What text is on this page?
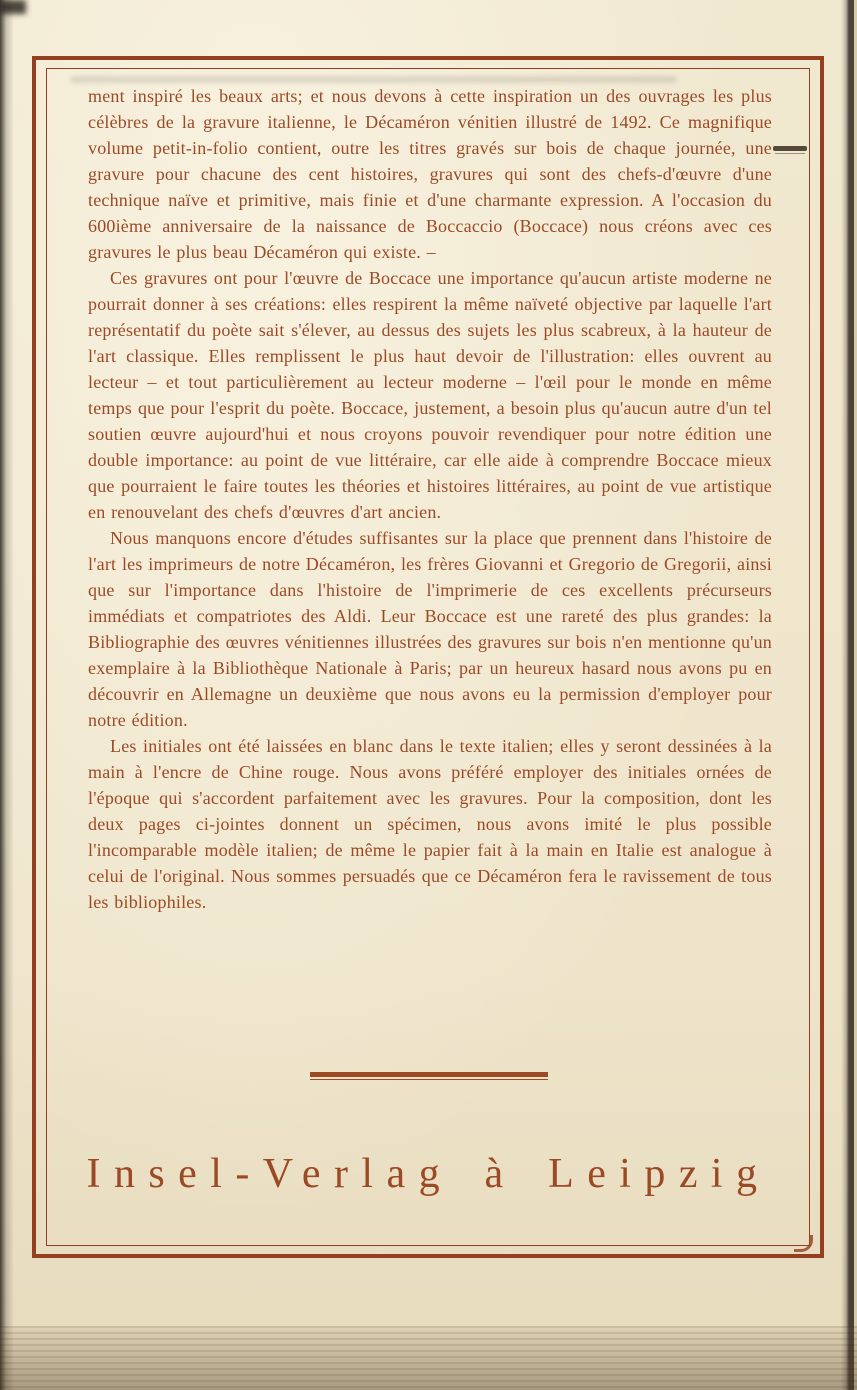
ment inspiré les beaux arts; et nous devons à cette inspiration un des ouvrages les plus célèbres de la gravure italienne, le Décaméron vénitien illustré de 1492. Ce magnifique volume petit-in-folio contient, outre les titres gravés sur bois de chaque journée, une gravure pour chacune des cent histoires, gravures qui sont des chefs-d'œuvre d'une technique naïve et primitive, mais finie et d'une charmante expression. A l'occasion du 600ième anniversaire de la naissance de Boccaccio (Boccace) nous créons avec ces gravures le plus beau Décaméron qui existe. –

Ces gravures ont pour l'œuvre de Boccace une importance qu'aucun artiste moderne ne pourrait donner à ses créations: elles respirent la même naïveté objective par laquelle l'art représentatif du poète sait s'élever, au dessus des sujets les plus scabreux, à la hauteur de l'art classique. Elles remplissent le plus haut devoir de l'illustration: elles ouvrent au lecteur – et tout particulièrement au lecteur moderne – l'œil pour le monde en même temps que pour l'esprit du poète. Boccace, justement, a besoin plus qu'aucun autre d'un tel soutien œuvre aujourd'hui et nous croyons pouvoir revendiquer pour notre édition une double importance: au point de vue littéraire, car elle aide à comprendre Boccace mieux que pourraient le faire toutes les théories et histoires littéraires, au point de vue artistique en renouvelant des chefs d'œuvres d'art ancien.

Nous manquons encore d'études suffisantes sur la place que prennent dans l'histoire de l'art les imprimeurs de notre Décaméron, les frères Giovanni et Gregorio de Gregorii, ainsi que sur l'importance dans l'histoire de l'imprimerie de ces excellents précurseurs immédiats et compatriotes des Aldi. Leur Boccace est une rareté des plus grandes: la Bibliographie des œuvres vénitiennes illustrées des gravures sur bois n'en mentionne qu'un exemplaire à la Bibliothèque Nationale à Paris; par un heureux hasard nous avons pu en découvrir en Allemagne un deuxième que nous avons eu la permission d'employer pour notre édition.

Les initiales ont été laissées en blanc dans le texte italien; elles y seront dessinées à la main à l'encre de Chine rouge. Nous avons préféré employer des initiales ornées de l'époque qui s'accordent parfaitement avec les gravures. Pour la composition, dont les deux pages ci-jointes donnent un spécimen, nous avons imité le plus possible l'incomparable modèle italien; de même le papier fait à la main en Italie est analogue à celui de l'original. Nous sommes persuadés que ce Décaméron fera le ravissement de tous les bibliophiles.

Insel-Verlag à Leipzig
